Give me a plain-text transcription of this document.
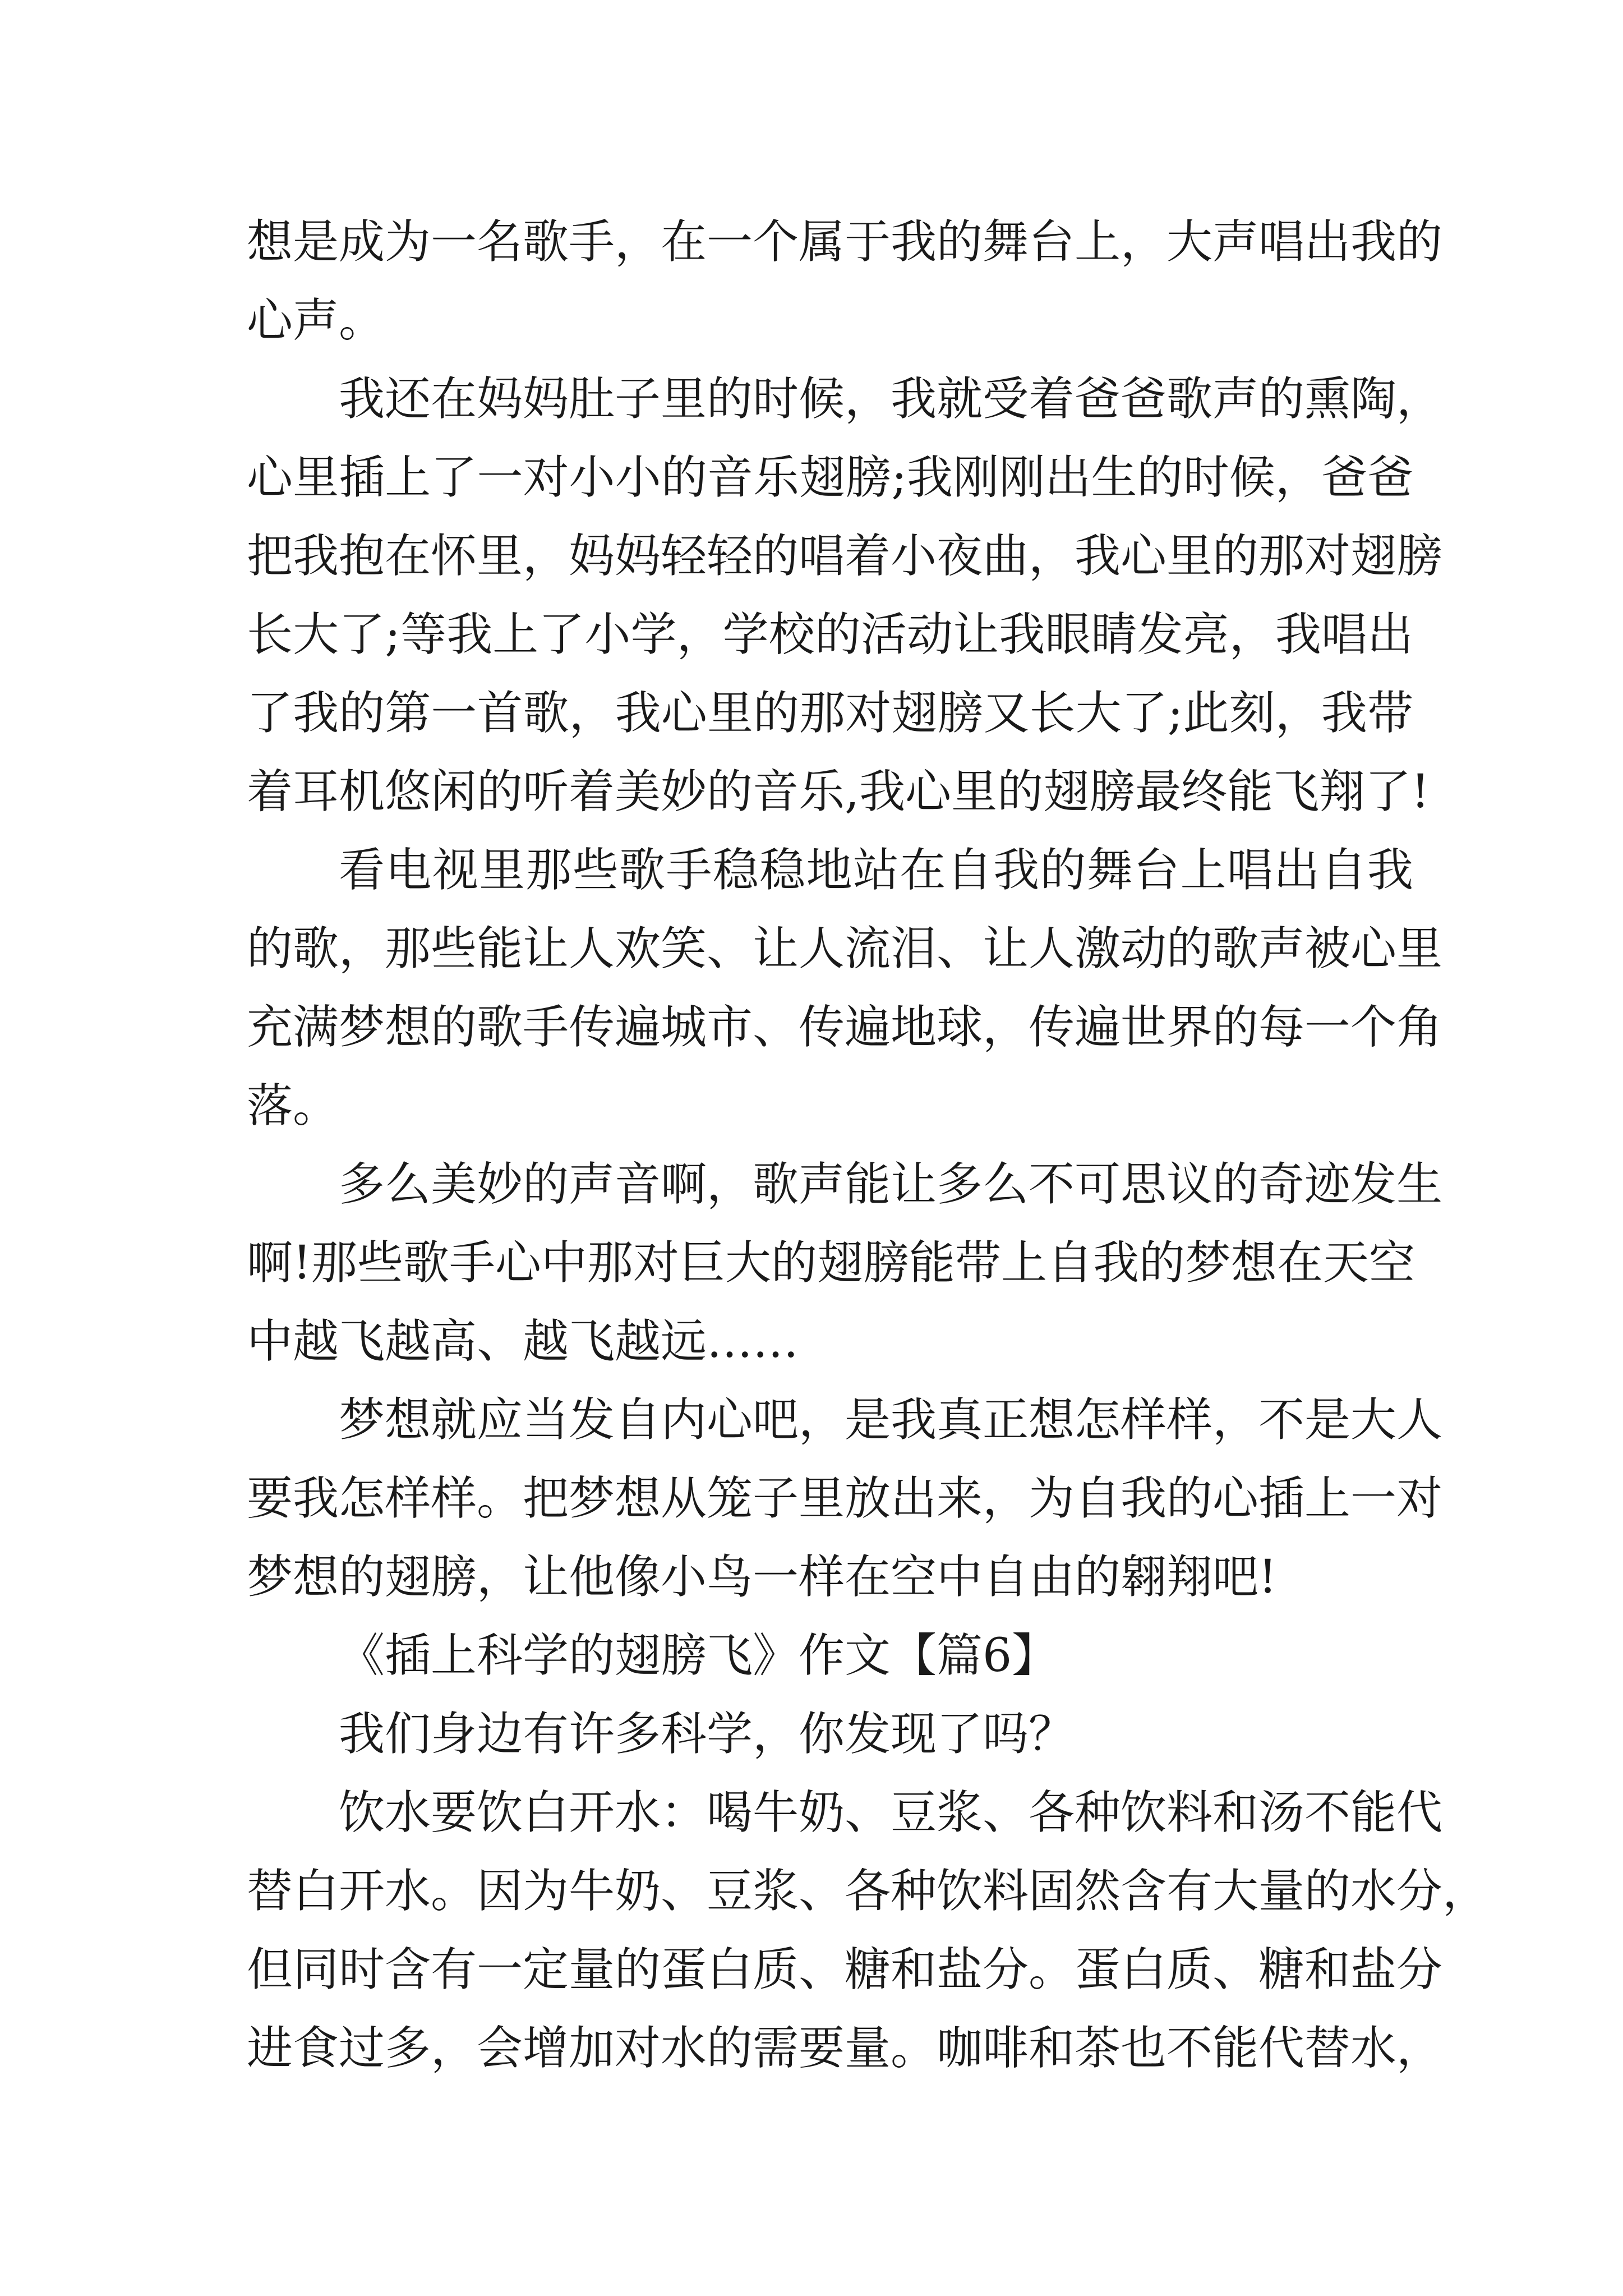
想是成为一名歌手，在一个属于我的舞台上，大声唱出我的
心声。
我还在妈妈肚子里的时候，我就受着爸爸歌声的熏陶，
心里插上了一对小小的音乐翅膀;我刚刚出生的时候，爸爸
把我抱在怀里，妈妈轻轻的唱着小夜曲，我心里的那对翅膀
长大了;等我上了小学，学校的活动让我眼睛发亮，我唱出
了我的第一首歌，我心里的那对翅膀又长大了;此刻，我带
着耳机悠闲的听着美妙的音乐,我心里的翅膀最终能飞翔了!
看电视里那些歌手稳稳地站在自我的舞台上唱出自我
的歌，那些能让人欢笑、让人流泪、让人激动的歌声被心里
充满梦想的歌手传遍城市、传遍地球，传遍世界的每一个角
落。
多么美妙的声音啊，歌声能让多么不可思议的奇迹发生
啊!那些歌手心中那对巨大的翅膀能带上自我的梦想在天空
中越飞越高、越飞越远……
梦想就应当发自内心吧，是我真正想怎样样，不是大人
要我怎样样。把梦想从笼子里放出来，为自我的心插上一对
梦想的翅膀，让他像小鸟一样在空中自由的翱翔吧!
《插上科学的翅膀飞》作文【篇6】
我们身边有许多科学，你发现了吗？
饮水要饮白开水：喝牛奶、豆浆、各种饮料和汤不能代
替白开水。因为牛奶、豆浆、各种饮料固然含有大量的水分，
但同时含有一定量的蛋白质、糖和盐分。蛋白质、糖和盐分
进食过多，会增加对水的需要量。咖啡和茶也不能代替水，
